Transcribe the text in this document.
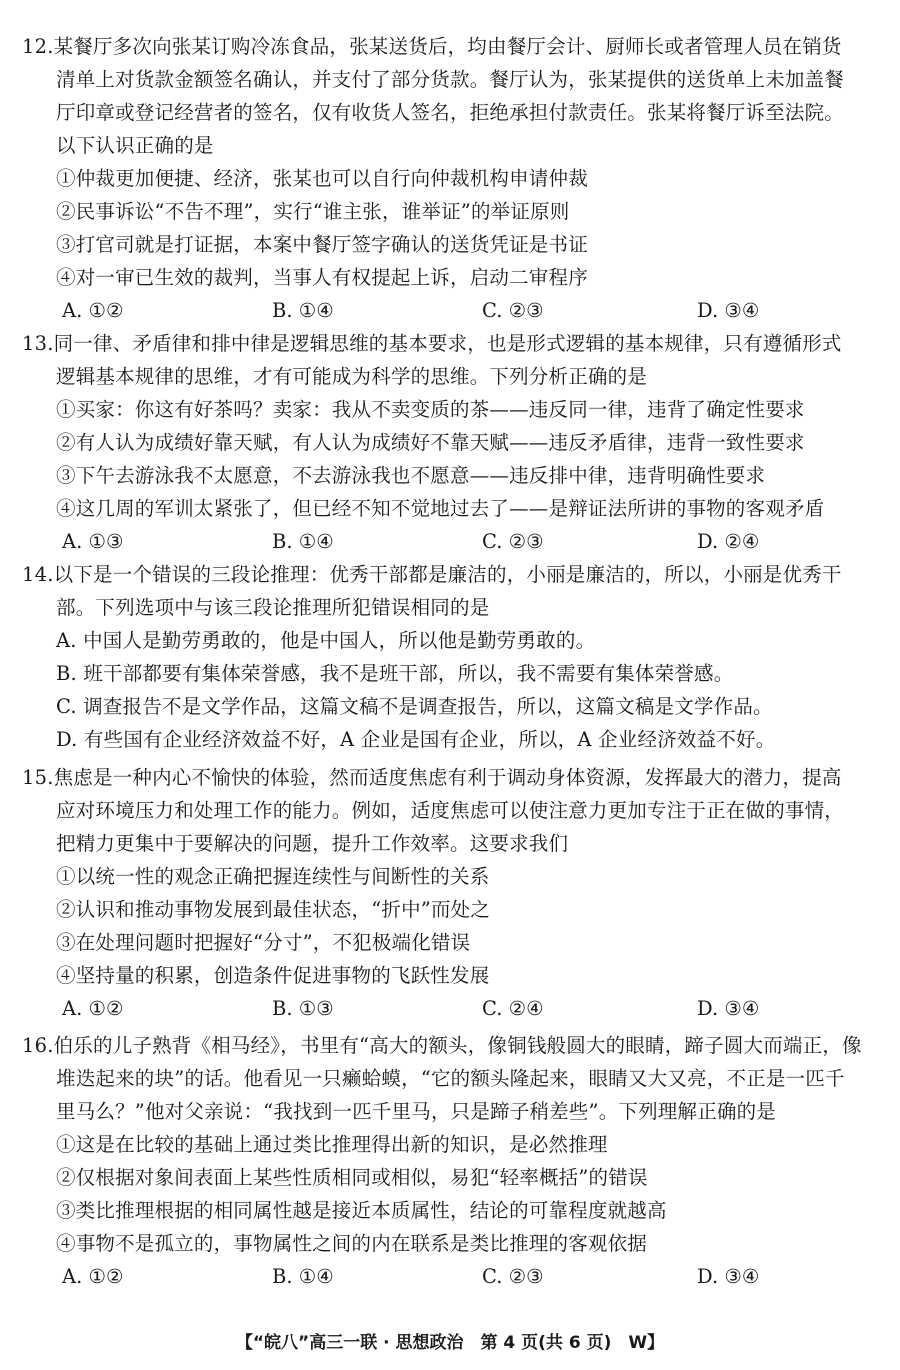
12.某餐厅多次向张某订购冷冻食品，张某送货后，均由餐厅会计、厨师长或者管理人员在销货
清单上对货款金额签名确认，并支付了部分货款。餐厅认为，张某提供的送货单上未加盖餐
厅印章或登记经营者的签名，仅有收货人签名，拒绝承担付款责任。张某将餐厅诉至法院。
以下认识正确的是
①仲裁更加便捷、经济，张某也可以自行向仲裁机构申请仲裁
②民事诉讼“不告不理”，实行“谁主张，谁举证”的举证原则
③打官司就是打证据，本案中餐厅签字确认的送货凭证是书证
④对一审已生效的裁判，当事人有权提起上诉，启动二审程序
A. ①②	B. ①④	C. ②③	D. ③④
13.同一律、矛盾律和排中律是逻辑思维的基本要求，也是形式逻辑的基本规律，只有遵循形式
逻辑基本规律的思维，才有可能成为科学的思维。下列分析正确的是
①买家：你这有好茶吗？卖家：我从不卖变质的茶——违反同一律，违背了确定性要求
②有人认为成绩好靠天赋，有人认为成绩好不靠天赋——违反矛盾律，违背一致性要求
③下午去游泳我不太愿意，不去游泳我也不愿意——违反排中律，违背明确性要求
④这几周的军训太紧张了，但已经不知不觉地过去了——是辩证法所讲的事物的客观矛盾
A. ①③	B. ①④	C. ②③	D. ②④
14.以下是一个错误的三段论推理：优秀干部都是廉洁的，小丽是廉洁的，所以，小丽是优秀干
部。下列选项中与该三段论推理所犯错误相同的是
A. 中国人是勤劳勇敢的，他是中国人，所以他是勤劳勇敢的。
B. 班干部都要有集体荣誉感，我不是班干部，所以，我不需要有集体荣誉感。
C. 调查报告不是文学作品，这篇文稿不是调查报告，所以，这篇文稿是文学作品。
D. 有些国有企业经济效益不好，A 企业是国有企业，所以，A 企业经济效益不好。
15.焦虑是一种内心不愉快的体验，然而适度焦虑有利于调动身体资源，发挥最大的潜力，提高
应对环境压力和处理工作的能力。例如，适度焦虑可以使注意力更加专注于正在做的事情，
把精力更集中于要解决的问题，提升工作效率。这要求我们
①以统一性的观念正确把握连续性与间断性的关系
②认识和推动事物发展到最佳状态，“折中”而处之
③在处理问题时把握好“分寸”，不犯极端化错误
④坚持量的积累，创造条件促进事物的飞跃性发展
A. ①②	B. ①③	C. ②④	D. ③④
16.伯乐的儿子熟背《相马经》，书里有“高大的额头，像铜钱般圆大的眼睛，蹄子圆大而端正，像
堆迭起来的块”的话。他看见一只癞蛤蟆，“它的额头隆起来，眼睛又大又亮，不正是一匹千
里马么？”他对父亲说：“我找到一匹千里马，只是蹄子稍差些”。下列理解正确的是
①这是在比较的基础上通过类比推理得出新的知识，是必然推理
②仅根据对象间表面上某些性质相同或相似，易犯“轻率概括”的错误
③类比推理根据的相同属性越是接近本质属性，结论的可靠程度就越高
④事物不是孤立的，事物属性之间的内在联系是类比推理的客观依据
A. ①②	B. ①④	C. ②③	D. ③④
【“皖八”高三一联 · 思想政治　第 4 页(共 6 页)　W】
